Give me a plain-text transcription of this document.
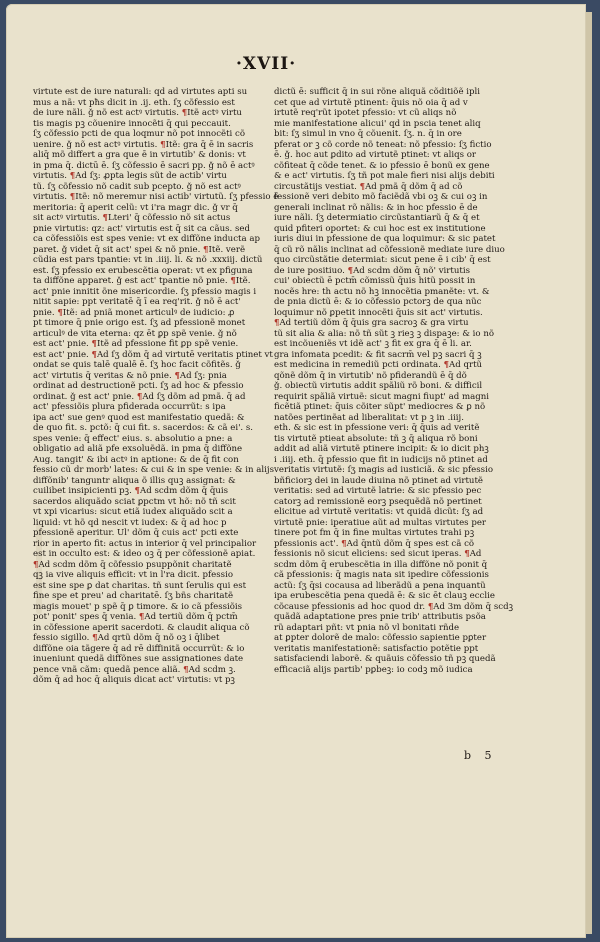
·XVII·
virtute est de iure naturali: qd ad virtutes apti su
mus a nã: vt pħs dicit in .ij. eth. ſʒ cõfessio est
de iure nãli. ǧ nõ est actꝰ virtutis. ¶Itẽ actꝰ virtu
tis magis pꝫ cõuenire innocẽti q̄ qui peccauit.
ſʒ cõfessio pcti de qua loqmur nõ pot innocẽti cõ
uenire. ǧ nõ est actꝰ virtutis. ¶Itẽ: gra q̄ ē in sacris
aliq̄ mõ differt a gra que ē in virtutib' & donis: vt
in pma q̄. dictū ē. ſʒ cõfessio ē sacri pp. ǧ nõ ē actꝰ
virtutis. ¶Ad ſʒ: ꝓpta legis sũt de actib' virtu
tũ. ſʒ cõfessio nõ cadit sub pcepto. ǧ nõ est actꝰ
virtutis. ¶Itẽ: nõ meremur nisi actib' virtutũ. ſʒ pfessio ē
meritoria: q̄ aperit celũ: vt i'ra magr dic. ǧ vr q̄
sit actꝰ virtutis. ¶Lteri' q̄ cõfessio nõ sit actus
pnie virtutis: qz: act' virtutis est q̄ sit ca cãus. sed
ca cõfessiõis est spes venie: vt ex diffõne inducta ap
paret. ǧ videt q̄ sit act' spei & nõ pnie. ¶Itẽ. verẽ
cũdia est pars tpantie: vt in .iiij. li. & nõ .xxxiij. dictũ
est. ſʒ pfessio ex erubescẽtia operat: vt ex pfiguna
ta diffõne apparet. ǧ est act' tpantie nõ pnie. ¶Itẽ.
act' pnie innitit õne misericordie. ſʒ pfessio magis i
nitit sapie: ppt veritatē q̄ ī ea req'rit. ǧ nõ ē act'
pnie. ¶Itẽ: ad pniã monet articulꝰ de iudicio: ꝓ
pt timore q̄ pnie origo est. ſʒ ad pfessionẽ monet
articulꝰ de vita eterna: qz ēt ꝑp spẽ venie. ǧ nõ
est act' pnie. ¶Itẽ ad pfessione fit ꝑp spẽ venie.
est act' pnie. ¶Ad ſʒ dõm q̄ ad virtutē veritatis ptinet vt
ondat se quis talē qualē ē. ſʒ hoc facit cõfitẽs. ǧ
act' virtutis q̄ veritas & nõ pnie. ¶Ad ſʒ: pnia
ordinat ad destructionẽ pcti. ſʒ ad hoc & pfessio
ordinat. ǧ est act' pnie. ¶Ad ſʒ dõm ad pmã. q̄ ad
act' pfessiõis plura pfiderada occurrũt: s ipa
ipa act' sue genꝰ quod est manifestatio quedã: &
de quo fit. s. pctõ: q̄ cui fit. s. sacerdos: & cã ei'. s.
spes venie: q̄ effect' eius. s. absolutio a pne: a
obligatio ad aliã pfe exsoluẽdã. in pma q̄ diffõne
Aug. tangit' & ibi actꝰ in aptione: & de q̄ fit con
fessio cũ dr morb' lates: & cui & in spe venie: & in alijs
diffõnib' tanguntr aliqua õ illis quꝫ assignat: &
cuilibet insipicienti pꝫ. ¶Ad scdm dõm q̄ q̄uis
sacerdos aliquãdo sciat ꝑpctm vt hõ: nõ tñ scit
vt xpi vicarius: sicut etiã iudex aliquãdo scit a
liquid: vt hõ qd nescit vt iudex: & q̄ ad hoc p
pfessionẽ aperitur. Ul' dõm q̄ cuis act' pcti exte
rior in aperto fit: actus in interior q̄ vel principalior
est in occulto est: & ideo oꝫ q̄ per cõfessionẽ apiat.
¶Ad scdm dõm q̄ cõfessio psuppõnit charitatẽ
qꝫ ia vive aliquis efficit: vt in l'ra dicit. pfessio
est sine spe ꝑ dat charitas. tñ sunt ſerulis qui est
fine spe et preu' ad charitatē. ſʒ bñs charitatẽ
magis mouet' p spẽ q̄ ꝑ timore. & io cã pfessiõis
pot' ponit' spes q̄ venia. ¶Ad tertiũ dõm q̄ pctm̄
in cõfessione aperit sacerdoti. & claudit aliqua cõ
fessio sigillo. ¶Ad qrtũ dõm q̄ nõ oꝫ i q̄libet
diffõne oia tãgere q̄ ad rē diffinitã occurrũt: & io
inueniunt quedã diffõnes sue assignationes date
pence vnã cãm: quedã pence aliã. ¶Ad scdm ꝫ.
dõm q̄ ad hoc q̄ aliquis dicat act' virtutis: vt pꝫ
dictũ ē: sufficit q̄ in sui rõne aliquã cõditiõẽ ipli
cet que ad virtutẽ ptinent: q̄uis nõ oia q̄ ad v
irtutẽ req'rũt ipotet pfessio: vt cũ aliqs nõ
mie manifestatione alicui' qd in pscia tenet aliq
bit: ſʒ simul in vno q̄ cõuenit. ſʒ. n. q̄ in ore
pferat or ꝫ cõ corde nõ teneat: nõ pfessio: ſʒ fictio
ē. ǧ. hoc aut ꝑdito ad virtutẽ ptinet: vt aliqs or
cõfiteat q̄ cõde tenet. & io pfessio ē bonũ ex gene
& e act' virtutis. ſʒ tñ pot male fieri nisi alijs debiti
circustãtijs vestiat. ¶Ad pmã q̄ dõm q̄ ad cõ
fessionẽ veri debito mõ faciẽdã vbi oꝫ & cui oꝫ in
generali inclinat rõ nãlis: & in hoc pfessio ē de
iure nãli. ſʒ determiatio circũstantiarũ q̄ & q̄ et
quid pfiteri oportet: & cui hoc est ex institutione
iuris diui in pfessione de qua loquimur: & sic patet
q̄ cũ rõ nãlis inclinat ad cõfessionẽ mediate iure diuo
quo circũstãtie determiat: sicut pene ē i cib' q̄ est
de iure positiuo. ¶Ad scdm dõm q̄ nõ' virtutis
cui' obiectũ ē pctm̄ cõmissũ q̄uis hitũ possit in
nocẽs hre: th actu nõ hꝫ innocẽtia pmanẽte: vt. &
de pnia dictũ ē: & io cõfessio pctorꝫ de qua nũc
loquimur nõ ꝑpetit innocẽti q̄uis sit act' virtutis.
¶Ad tertiũ dõm q̄ q̄uis gra sacroꝫ & gra virtu
tũ sit alia & alia: nõ tñ sũt ꝫ rieꝫ ꝫ dispaꝫe: & io nõ
est incõueniẽs vt idẽ act' ꝫ fit ex gra q̄ ē li. ar.
gra infomata pcedit: & fit sacrm̄ vel pꝫ sacri q̄ ꝫ
est medicina in remediũ pcti ordinata. ¶Ad qrtũ
qõnẽ dõm q̄ in virtutib' nõ pfiderandũ ē q̄ dõ
ǧ. obiectũ virtutis addit spãliũ rõ boni. & difficil
requirit spãliã virtuẽ: sicut magni fiupt' ad magni
ficẽtiã ptinet: q̄uis cõiter sũpt' mediocres & ꝑ nõ
natões pertinẽat ad liberalitat: vt p ꝫ in .iiij.
eth. & sic est in pfessione veri: q̄ q̄uis ad veritẽ
tis virtutẽ ptieat absolute: tñ ꝫ q̄ aliqua rõ boni
addit ad aliã virtutẽ ptinere incipit: & io dicit phꝫ
i .iiij. eth. q̄ pfessio que fit in iudicijs nõ ptinet ad
veritatis virtutẽ: ſʒ magis ad iusticiã. & sic pfessio
bñficiorꝫ dei in laude diuina nõ ptinet ad virtutẽ
veritatis: sed ad virtutẽ latrie: & sic pfessio pec
catorꝫ ad remissionẽ eorꝫ psequẽdã nõ pertinet
elicitue ad virtutẽ veritatis: vt quidã dicũt: ſʒ ad
virtutẽ pnie: iperatiue aũt ad multas virtutes per
tinere pot fm q̄ in fine multas virtutes trahi pꝫ
pfessionis act'. ¶Ad q̄ntũ dõm q̄ spes est cã cõ
fessionis nõ sicut eliciens: sed sicut iperas. ¶Ad
scdm dõm q̄ erubescẽtia in illa diffõne nõ ponit q̄
cã pfessionis: q̄ magis nata sit ipedire cõfessionis
actũ: ſʒ q̄si cocausa ad liberãdũ a pena inquantũ
ipa erubescẽtia pena quedã ē: & sic ēt clauꝫ ecclie
cõcause pfessionis ad hoc quod dr. ¶Ad 3m dõm q̄ scdꝫ
quãdã adaptatione pres pnie trib' attributis psõa
rũ adaptari pñt: vt pnia nõ vl bonitati rñde
at ꝑpter dolorẽ de malo: cõfessio sapientie pꝑter
veritatis manifestationẽ: satisfactio potẽtie ppt
satisfaciendi laborẽ. & quãuis cõfessio tñ pꝫ quedã
efficaciã alijs partib' pꝑbeꝫ: io codꝫ mõ iudica
b 5
